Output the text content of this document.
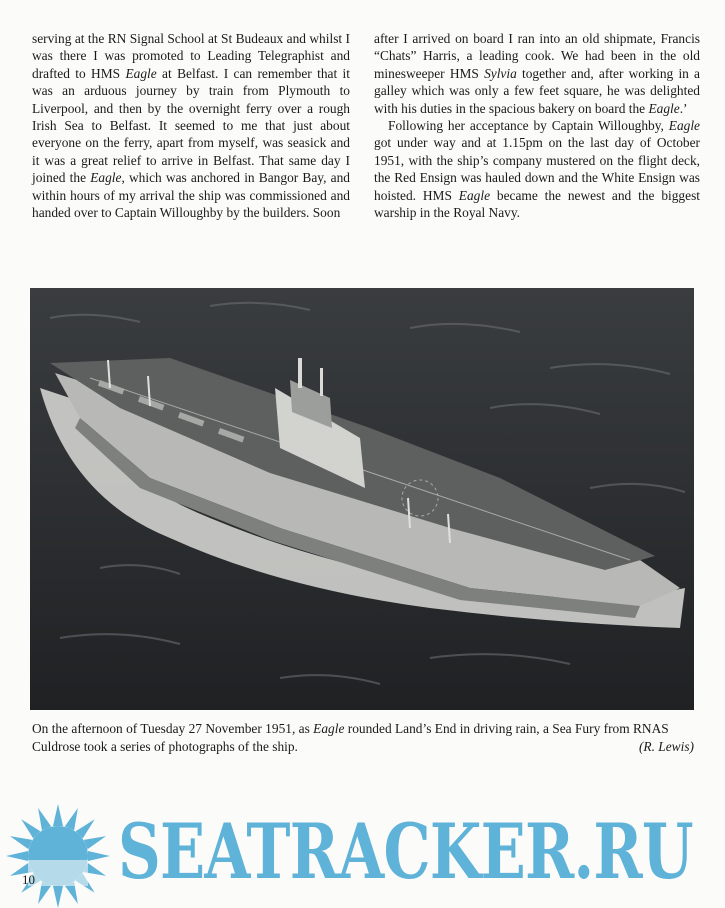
serving at the RN Signal School at St Budeaux and whilst I was there I was promoted to Leading Telegraphist and drafted to HMS Eagle at Belfast. I can remember that it was an arduous journey by train from Plymouth to Liverpool, and then by the overnight ferry over a rough Irish Sea to Belfast. It seemed to me that just about everyone on the ferry, apart from myself, was seasick and it was a great relief to arrive in Belfast. That same day I joined the Eagle, which was anchored in Bangor Bay, and within hours of my arrival the ship was commissioned and handed over to Captain Willoughby by the builders. Soon

after I arrived on board I ran into an old shipmate, Francis “Chats” Harris, a leading cook. We had been in the old minesweeper HMS Sylvia together and, after working in a galley which was only a few feet square, he was delighted with his duties in the spacious bakery on board the Eagle.’

Following her acceptance by Captain Willoughby, Eagle got under way and at 1.15pm on the last day of October 1951, with the ship’s company mustered on the flight deck, the Red Ensign was hauled down and the White Ensign was hoisted. HMS Eagle became the newest and the biggest warship in the Royal Navy.

On the afternoon of Tuesday 27 November 1951, as Eagle rounded Land’s End in driving rain, a Sea Fury from RNAS Culdrose took a series of photographs of the ship.	(R. Lewis)
SEATRACKER.RU
10
